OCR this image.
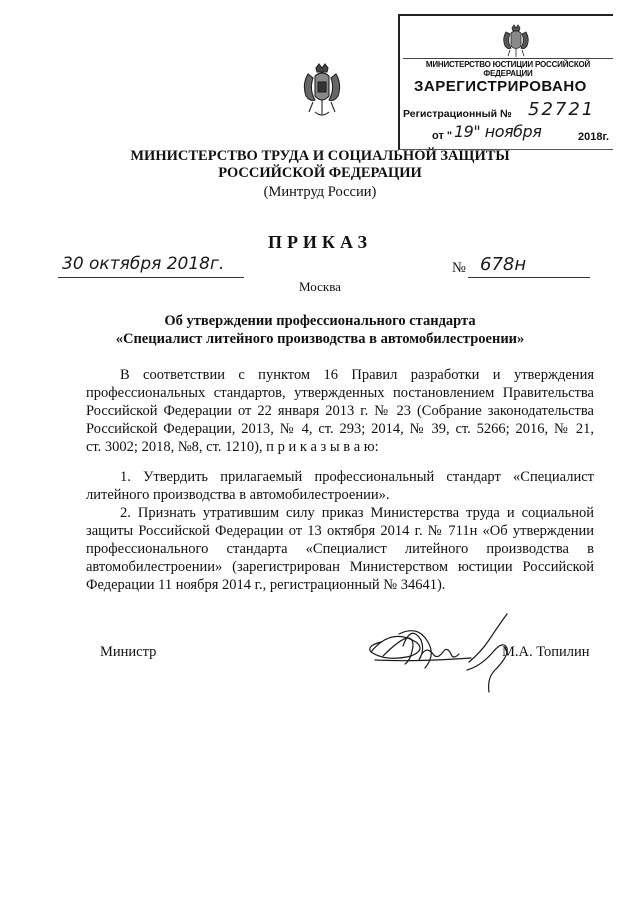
МИНИСТЕРСТВО ЮСТИЦИИ РОССИЙСКОЙ ФЕДЕРАЦИИ
ЗАРЕГИСТРИРОВАНО
Регистрационный № 52721
от " 19" ноября	2018г.
МИНИСТЕРСТВО ТРУДА И СОЦИАЛЬНОЙ ЗАЩИТЫ
РОССИЙСКОЙ ФЕДЕРАЦИИ
(Минтруд России)
ПРИКАЗ
30 октября 2018г.	№ 678н
Москва
Об утверждении профессионального стандарта
«Специалист литейного производства в автомобилестроении»
В соответствии с пунктом 16 Правил разработки и утверждения
профессиональных стандартов, утвержденных постановлением Правительства
Российской Федерации от 22 января 2013 г. № 23 (Собрание законодательства
Российской Федерации, 2013, № 4, ст. 293; 2014, № 39, ст. 5266; 2016, № 21,
ст. 3002; 2018, №8, ст. 1210), п р и к а з ы в а ю:
1. Утвердить прилагаемый профессиональный стандарт «Специалист
литейного производства в автомобилестроении».
2. Признать утратившим силу приказ Министерства труда и социальной
защиты Российской Федерации от 13 октября 2014 г. № 711н «Об утверждении
профессионального стандарта «Специалист литейного производства в
автомобилестроении» (зарегистрирован Министерством юстиции Российской
Федерации 11 ноября 2014 г., регистрационный № 34641).
Министр	М.А. Топилин
